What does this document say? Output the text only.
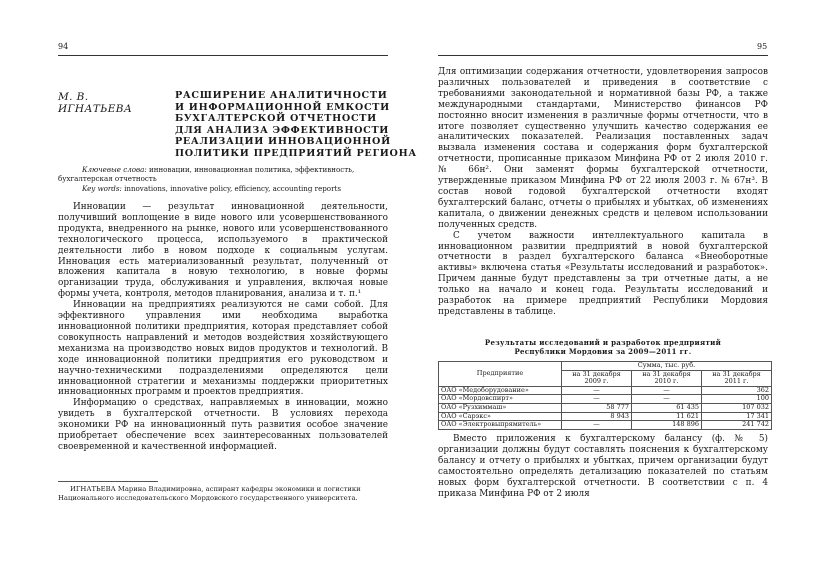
94
М. В. ИГНАТЬЕВА
РАСШИРЕНИЕ АНАЛИТИЧНОСТИ
И ИНФОРМАЦИОННОЙ ЕМКОСТИ
БУХГАЛТЕРСКОЙ ОТЧЕТНОСТИ
ДЛЯ АНАЛИЗА ЭФФЕКТИВНОСТИ
РЕАЛИЗАЦИИ ИННОВАЦИОННОЙ
ПОЛИТИКИ ПРЕДПРИЯТИЙ РЕГИОНА
Ключевые слова: инновации, инновационная политика, эффективность, бухгалтерская отчетность
Key words: innovations, innovative policy, efficiency, accounting reports

Инновации — результат инновационной деятельности, получивший воплощение в виде нового или усовершенствованного продукта, внедренного на рынке, нового или усовершенствованного технологического процесса, используемого в практической деятельности либо в новом подходе к социальным услугам. Инновация есть материализованный результат, полученный от вложения капитала в новую технологию, в новые формы организации труда, обслуживания и управления, включая новые формы учета, контроля, методов планирования, анализа и т. п.¹

Инновации на предприятиях реализуются не сами собой. Для эффективного управления ими необходима выработка инновационной политики предприятия, которая представляет собой совокупность направлений и методов воздействия хозяйствующего механизма на производство новых видов продуктов и технологий. В ходе инновационной политики предприятия его руководством и научно-техническими подразделениями определяются цели инновационной стратегии и механизмы поддержки приоритетных инновационных программ и проектов предприятия.

Информацию о средствах, направляемых в инновации, можно увидеть в бухгалтерской отчетности. В условиях перехода экономики РФ на инновационный путь развития особое значение приобретает обеспечение всех заинтересованных пользователей своевременной и качественной информацией.

ИГНАТЬЕВА Марина Владимировна, аспирант кафедры экономики и логистики Национального исследовательского Мордовского государственного университета.
95

Для оптимизации содержания отчетности, удовлетворения запросов различных пользователей и приведения в соответствие с требованиями законодательной и нормативной базы РФ, а также международными стандартами, Министерство финансов РФ постоянно вносит изменения в различные формы отчетности, что в итоге позволяет существенно улучшить качество содержания ее аналитических показателей. Реализация поставленных задач вызвала изменения состава и содержания форм бухгалтерской отчетности, прописанные приказом Минфина РФ от 2 июля 2010 г. № 66н². Они заменят формы бухгалтерской отчетности, утвержденные приказом Минфина РФ от 22 июля 2003 г. № 67н³. В состав новой годовой бухгалтерской отчетности входят бухгалтерский баланс, отчеты о прибылях и убытках, об изменениях капитала, о движении денежных средств и целевом использовании полученных средств.

С учетом важности интеллектуального капитала в инновационном развитии предприятий в новой бухгалтерской отчетности в раздел бухгалтерского баланса «Внеоборотные активы» включена статья «Результаты исследований и разработок». Причем данные будут представлены за три отчетные даты, а не только на начало и конец года. Результаты исследований и разработок на примере предприятий Республики Мордовия представлены в таблице.

Результаты исследований и разработок предприятий
Республики Мордовия за 2009—2011 гг.
Предприятие	Сумма, тыс. руб.		
	на 31 декабря 2009 г.	на 31 декабря 2010 г.	на 31 декабря 2011 г.
ОАО «Медоборудование»	—	—	362
ОАО «Мордовспирт»	—	—	100
ОАО «Рузхиммаш»	58 777	61 435	107 032
ОАО «Сарэкс»	8 943	11 621	17 341
ОАО «Электровыпрямитель»	—	148 896	241 742

Вместо приложения к бухгалтерскому балансу (ф. № 5) организации должны будут составлять пояснения к бухгалтерскому балансу и отчету о прибылях и убытках, причем организации будут самостоятельно определять детализацию показателей по статьям новых форм бухгалтерской отчетности. В соответствии с п. 4 приказа Минфина РФ от 2 июля
